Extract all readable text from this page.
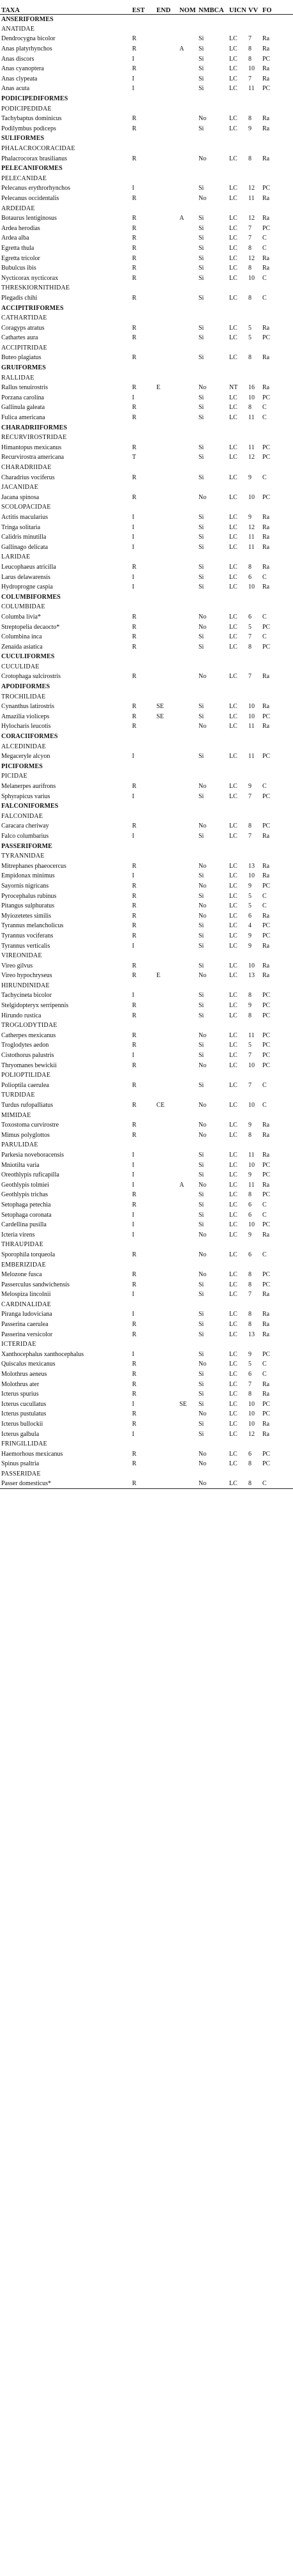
TAXA	EST	END	NOM	NMBCA	UICN	VV	FO
ANSERIFORMES							
ANATIDAE							
Dendrocygna bicolor	R			Si	LC	7	Ra
Anas platyrhynchos	R		A	Si	LC	8	Ra
Anas discors	I			Si	LC	8	PC
Anas cyanoptera	R			Si	LC	10	Ra
Anas clypeata	I			Si	LC	7	Ra
Anas acuta	I			Si	LC	11	PC
PODICIPEDIFORMES							
PODICIPEDIDAE							
Tachybaptus dominicus	R			No	LC	8	Ra
Podilymbus podiceps	R			Si	LC	9	Ra
SULIFORMES							
PHALACROCORACIDAE							
Phalacrocorax brasilianus	R			No	LC	8	Ra
PELECANIFORMES							
PELECANIDAE							
Pelecanus erythrorhynchos	I			Si	LC	12	PC
Pelecanus occidentalis	R			No	LC	11	Ra
ARDEIDAE							
Botaurus lentiginosus	R		A	Si	LC	12	Ra
Ardea herodias	R			Si	LC	7	PC
Ardea alba	R			Si	LC	7	C
Egretta thula	R			Si	LC	8	C
Egretta tricolor	R			Si	LC	12	Ra
Bubulcus ibis	R			Si	LC	8	Ra
Nycticorax nycticorax	R			Si	LC	10	C
THRESKIORNITHIDAE							
Plegadis chihi	R			Si	LC	8	C
ACCIPITRIFORMES							
CATHARTIDAE							
Coragyps atratus	R			Si	LC	5	Ra
Cathartes aura	R			Si	LC	5	PC
ACCIPITRIDAE							
Buteo plagiatus	R			Si	LC	8	Ra
GRUIFORMES							
RALLIDAE							
Rallus tenuirostris	R	E		No	NT	16	Ra
Porzana carolina	I			Si	LC	10	PC
Gallinula galeata	R			Si	LC	8	C
Fulica americana	R			Si	LC	11	C
CHARADRIIFORMES							
RECURVIROSTRIDAE							
Himantopus mexicanus	R			Si	LC	11	PC
Recurvirostra americana	T			Si	LC	12	PC
CHARADRIIDAE							
Charadrius vociferus	R			Si	LC	9	C
JACANIDAE							
Jacana spinosa	R			No	LC	10	PC
SCOLOPACIDAE							
Actitis macularius	I			Si	LC	9	Ra
Tringa solitaria	I			Si	LC	12	Ra
Calidris minutilla	I			Si	LC	11	Ra
Gallinago delicata	I			Si	LC	11	Ra
LARIDAE							
Leucophaeus atricilla	R			Si	LC	8	Ra
Larus delawarensis	I			Si	LC	6	C
Hydroprogne caspia	I			Si	LC	10	Ra
COLUMBIFORMES							
COLUMBIDAE							
Columba livia*	R			No	LC	6	C
Streptopelia decaocto*	R			No	LC	5	PC
Columbina inca	R			Si	LC	7	C
Zenaida asiatica	R			Si	LC	8	PC
CUCULIFORMES							
CUCULIDAE							
Crotophaga sulcirostris	R			No	LC	7	Ra
APODIFORMES							
TROCHILIDAE							
Cynanthus latirostris	R	SE		Si	LC	10	Ra
Amazilia violiceps	R	SE		Si	LC	10	PC
Hylocharis leucotis	R			No	LC	11	Ra
CORACIIFORMES							
ALCEDINIDAE							
Megaceryle alcyon	I			Si	LC	11	PC
PICIFORMES							
PICIDAE							
Melanerpes aurifrons	R			No	LC	9	C
Sphyrapicus varius	I			Si	LC	7	PC
FALCONIFORMES							
FALCONIDAE							
Caracara cheriway	R			No	LC	8	PC
Falco columbarius	I			Si	LC	7	Ra
PASSERIFORME							
TYRANNIDAE							
Mitrephanes phaeocercus	R			No	LC	13	Ra
Empidonax minimus	I			Si	LC	10	Ra
Sayornis nigricans	R			No	LC	9	PC
Pyrocephalus rubinus	R			Si	LC	5	C
Pitangus sulphuratus	R			No	LC	5	C
Myiozetetes similis	R			No	LC	6	Ra
Tyrannus melancholicus	R			Si	LC	4	PC
Tyrannus vociferans	R			Si	LC	9	PC
Tyrannus verticalis	I			Si	LC	9	Ra
VIREONIDAE							
Vireo gilvus	R			Si	LC	10	Ra
Vireo hypochryseus	R	E		No	LC	13	Ra
HIRUNDINIDAE							
Tachycineta bicolor	I			Si	LC	8	PC
Stelgidopteryx serripennis	R			Si	LC	9	PC
Hirundo rustica	R			Si	LC	8	PC
TROGLODYTIDAE							
Catherpes mexicanus	R			No	LC	11	PC
Troglodytes aedon	R			Si	LC	5	PC
Cistothorus palustris	I			Si	LC	7	PC
Thryomanes bewickii	R			No	LC	10	PC
POLIOPTILIDAE							
Polioptila caerulea	R			Si	LC	7	C
TURDIDAE							
Turdus rufopalliatus	R	CE		No	LC	10	C
MIMIDAE							
Toxostoma curvirostre	R			No	LC	9	Ra
Mimus polyglottos	R			No	LC	8	Ra
PARULIDAE							
Parkesia noveboracensis	I			Si	LC	11	Ra
Mniotilta varia	I			Si	LC	10	PC
Oreothlypis ruficapilla	I			Si	LC	9	PC
Geothlypis tolmiei	I		A	No	LC	11	Ra
Geothlypis trichas	R			Si	LC	8	PC
Setophaga petechia	R			Si	LC	6	C
Setophaga coronata	I			Si	LC	6	C
Cardellina pusilla	I			Si	LC	10	PC
Icteria virens	I			No	LC	9	Ra
THRAUPIDAE							
Sporophila torqueola	R			No	LC	6	C
EMBERIZIDAE							
Melozone fusca	R			No	LC	8	PC
Passerculus sandwichensis	R			Si	LC	8	PC
Melospiza lincolnii	I			Si	LC	7	Ra
CARDINALIDAE							
Piranga ludoviciana	I			Si	LC	8	Ra
Passerina caerulea	R			Si	LC	8	Ra
Passerina versicolor	R			Si	LC	13	Ra
ICTERIDAE							
Xanthocephalus xanthocephalus	I			Si	LC	9	PC
Quiscalus mexicanus	R			No	LC	5	C
Molothrus aeneus	R			Si	LC	6	C
Molothrus ater	R			Si	LC	7	Ra
Icterus spurius	R			Si	LC	8	Ra
Icterus cucullatus	I		SE	Si	LC	10	PC
Icterus pustulatus	R			No	LC	10	PC
Icterus bullockii	R			Si	LC	10	Ra
Icterus galbula	I			Si	LC	12	Ra
FRINGILLIDAE							
Haemorhous mexicanus	R			No	LC	6	PC
Spinus psaltria	R			No	LC	8	PC
PASSERIDAE							
Passer domesticus*	R			No	LC	8	C
